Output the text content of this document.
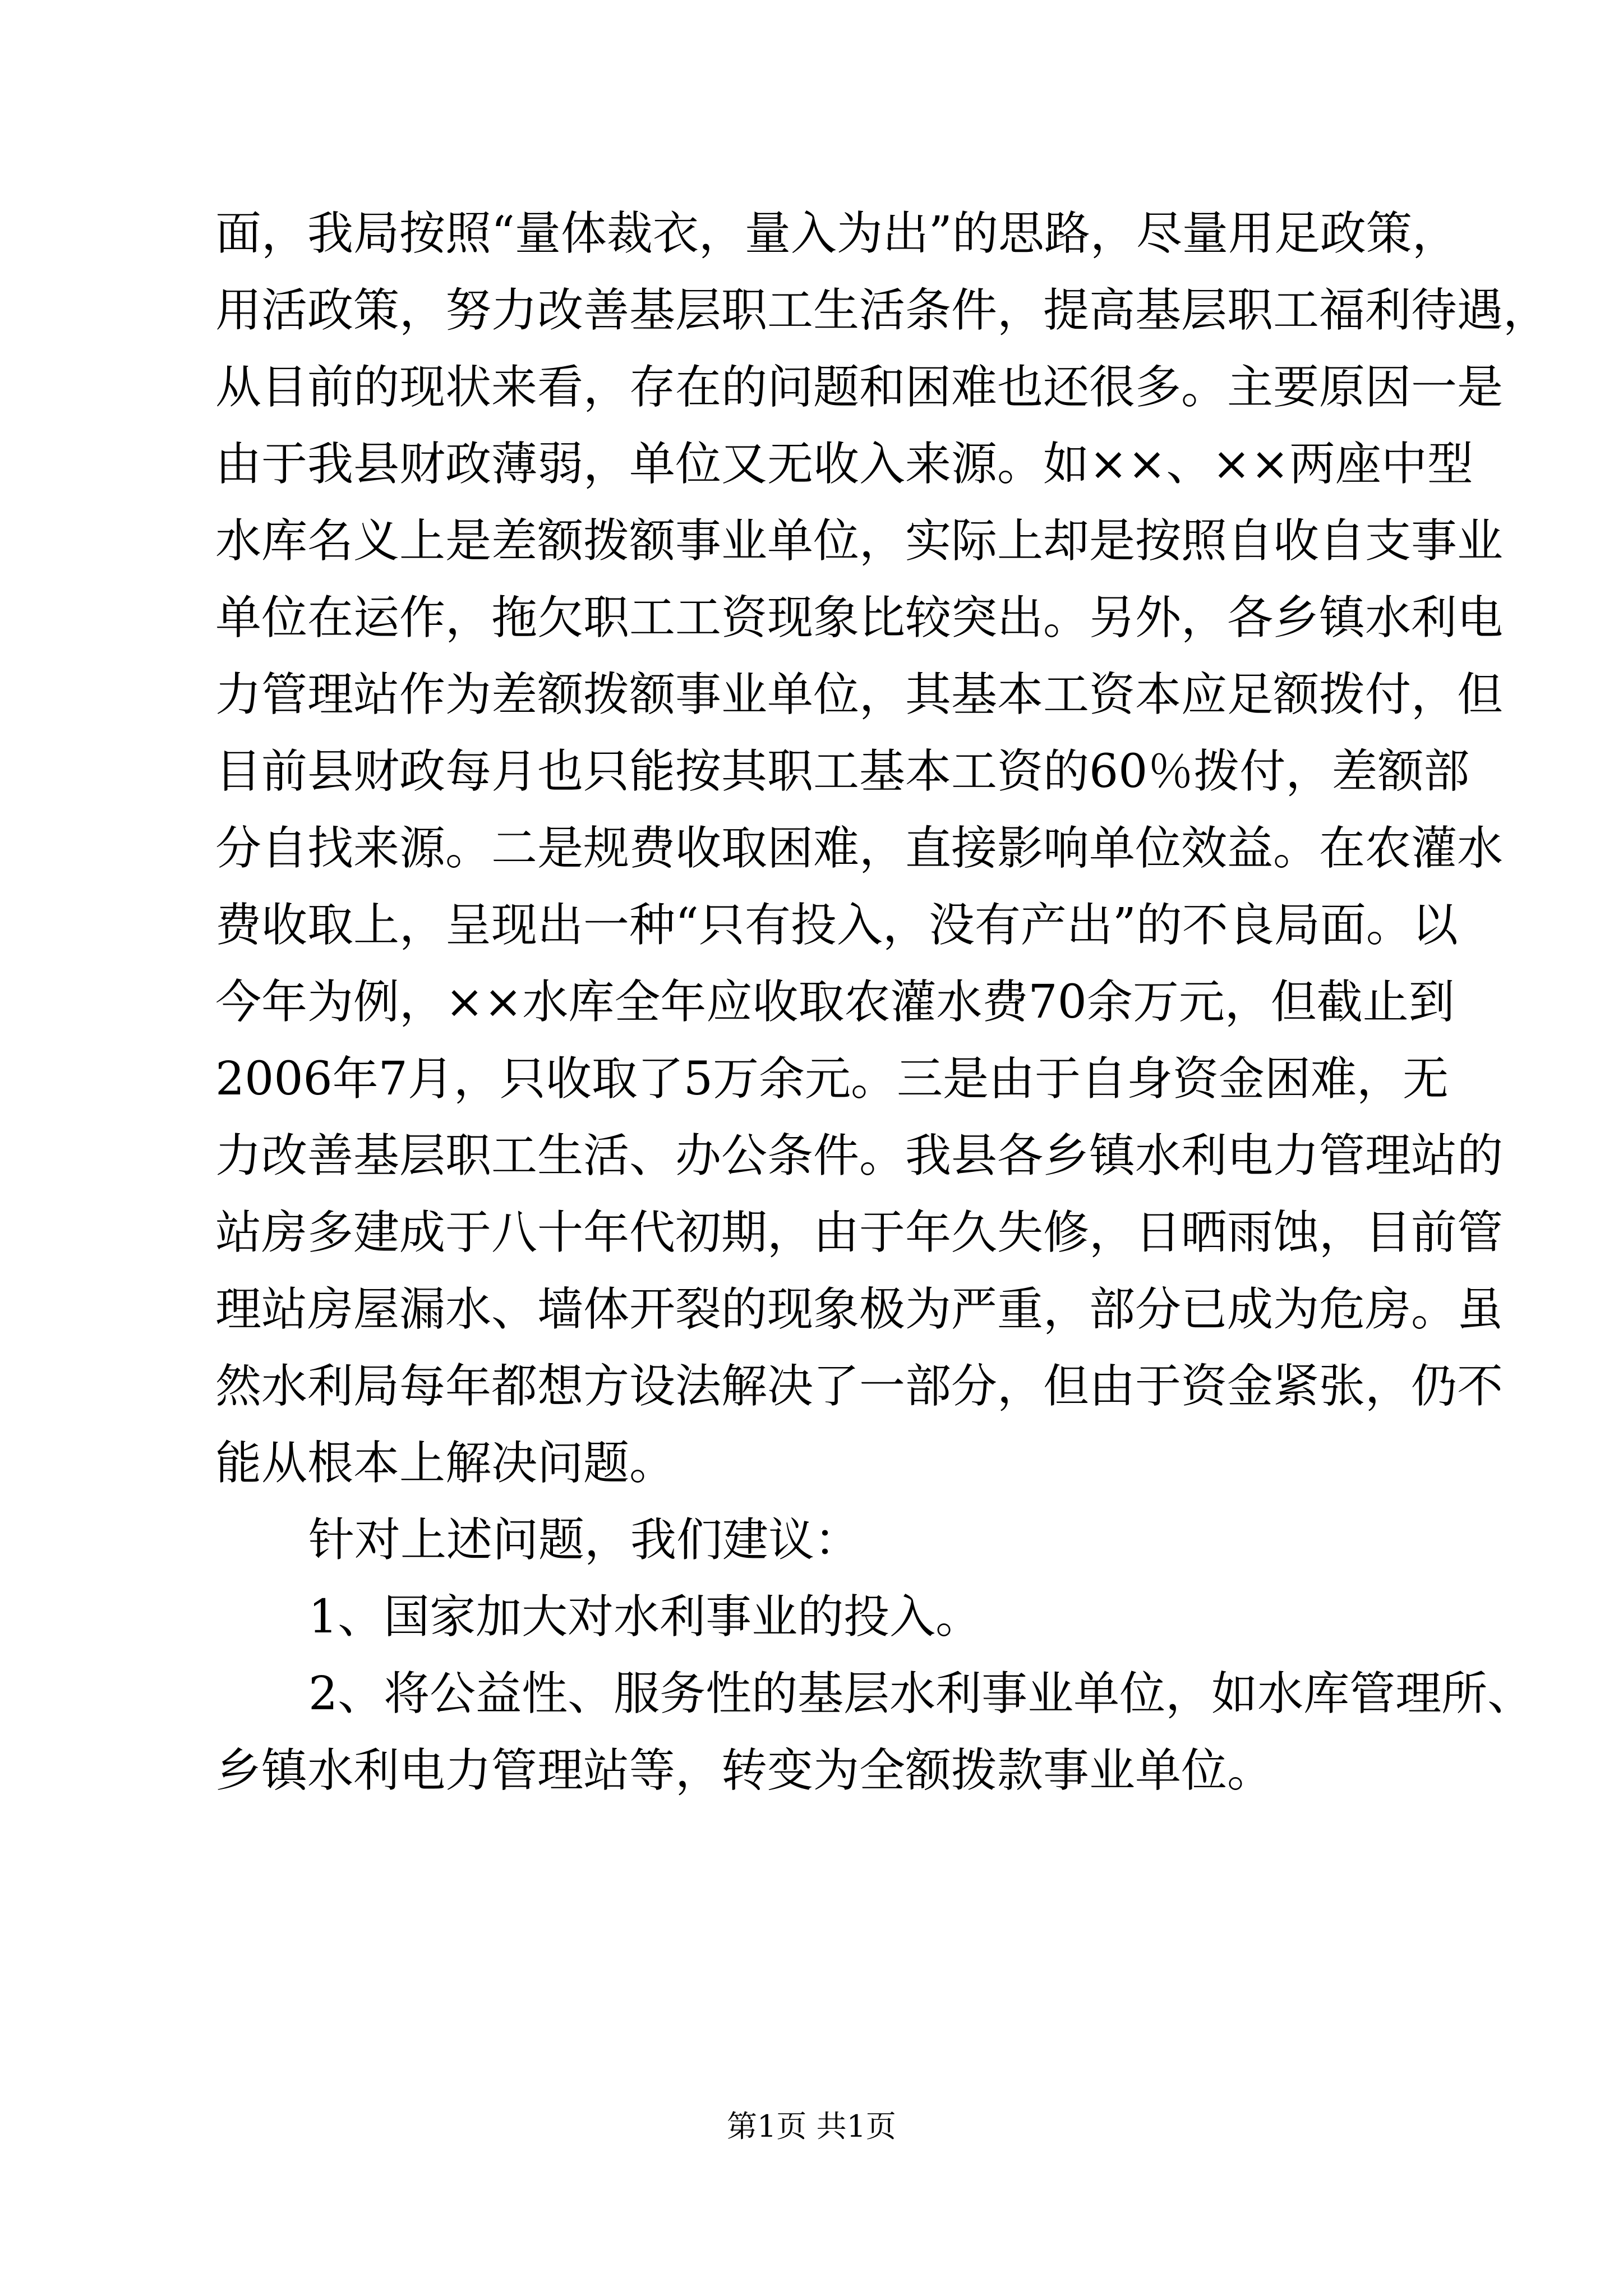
面，我局按照“量体裁衣，量入为出”的思路，尽量用足政策，
用活政策，努力改善基层职工生活条件，提高基层职工福利待遇，
从目前的现状来看，存在的问题和困难也还很多。主要原因一是
由于我县财政薄弱，单位又无收入来源。如××、××两座中型
水库名义上是差额拨额事业单位，实际上却是按照自收自支事业
单位在运作，拖欠职工工资现象比较突出。另外，各乡镇水利电
力管理站作为差额拨额事业单位，其基本工资本应足额拨付，但
目前县财政每月也只能按其职工基本工资的60％拨付，差额部
分自找来源。二是规费收取困难，直接影响单位效益。在农灌水
费收取上，呈现出一种“只有投入，没有产出”的不良局面。以
今年为例，××水库全年应收取农灌水费70余万元，但截止到
2006年7月，只收取了5万余元。三是由于自身资金困难，无
力改善基层职工生活、办公条件。我县各乡镇水利电力管理站的
站房多建成于八十年代初期，由于年久失修，日晒雨蚀，目前管
理站房屋漏水、墙体开裂的现象极为严重，部分已成为危房。虽
然水利局每年都想方设法解决了一部分，但由于资金紧张，仍不
能从根本上解决问题。
针对上述问题，我们建议：
1、国家加大对水利事业的投入。
2、将公益性、服务性的基层水利事业单位，如水库管理所、
乡镇水利电力管理站等，转变为全额拨款事业单位。
第1页 共1页
